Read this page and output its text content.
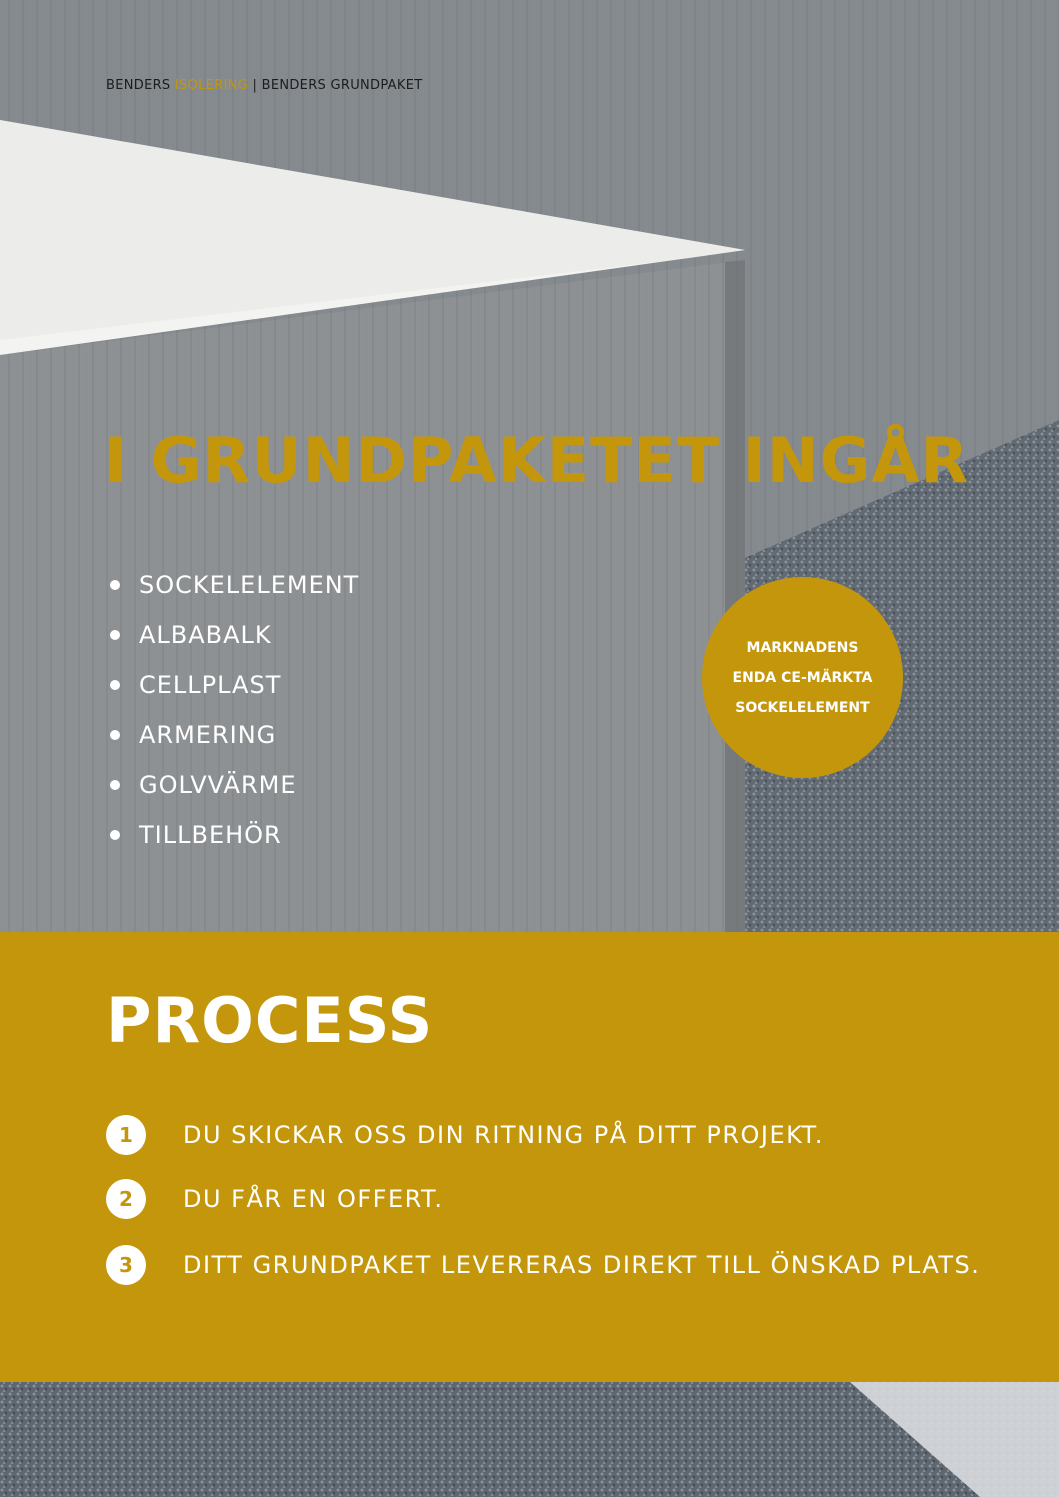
BENDERS ISOLERING | BENDERS GRUNDPAKET
I GRUNDPAKETET INGÅR
SOCKELELEMENT
ALBABALK
CELLPLAST
ARMERING
GOLVVÄRME
TILLBEHÖR
MARKNADENS
ENDA CE-MÄRKTA
SOCKELELEMENT
PROCESS
1	DU SKICKAR OSS DIN RITNING PÅ DITT PROJEKT.
2	DU FÅR EN OFFERT.
3	DITT GRUNDPAKET LEVERERAS DIREKT TILL ÖNSKAD PLATS.
